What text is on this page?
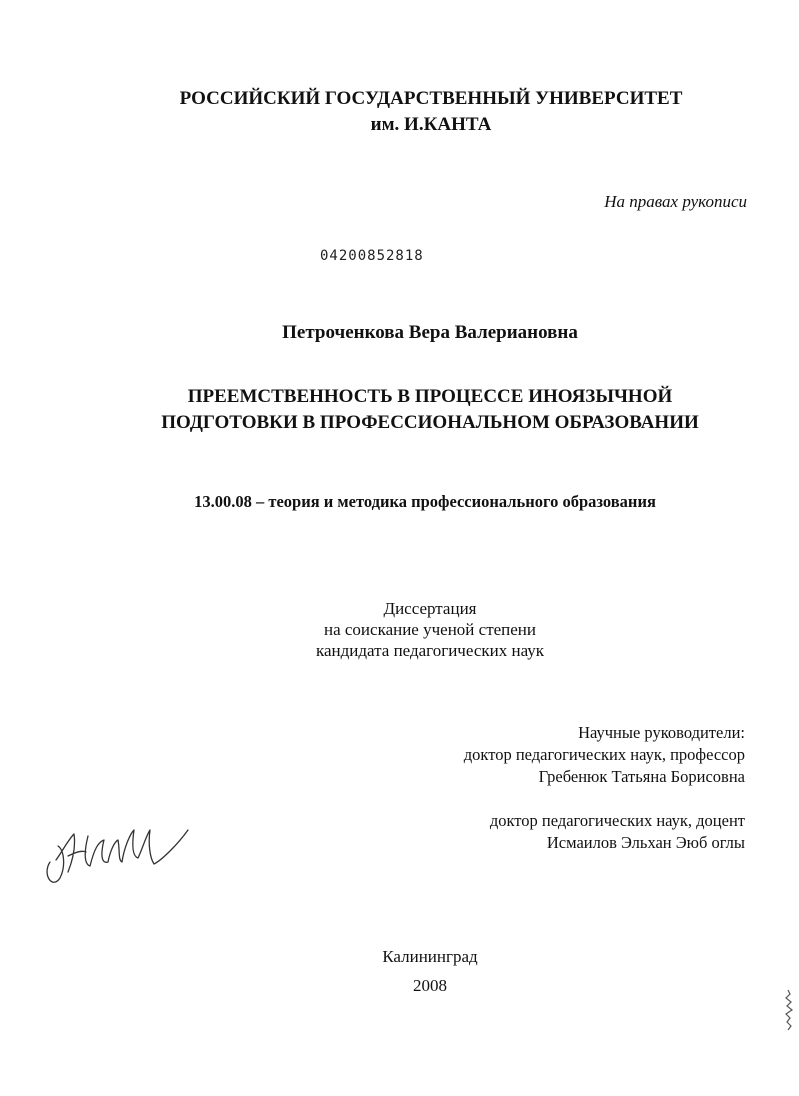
РОССИЙСКИЙ ГОСУДАРСТВЕННЫЙ УНИВЕРСИТЕТ
им. И.КАНТА
На правах рукописи
04200852818
Петроченкова Вера Валериановна
ПРЕЕМСТВЕННОСТЬ В ПРОЦЕССЕ ИНОЯЗЫЧНОЙ
ПОДГОТОВКИ В ПРОФЕССИОНАЛЬНОМ ОБРАЗОВАНИИ
13.00.08 – теория и методика профессионального образования
Диссертация
на соискание ученой степени
кандидата педагогических наук
Научные руководители:
доктор педагогических наук, профессор
Гребенюк Татьяна Борисовна
доктор педагогических наук, доцент
Исмаилов Эльхан Эюб оглы
Калининград
2008
